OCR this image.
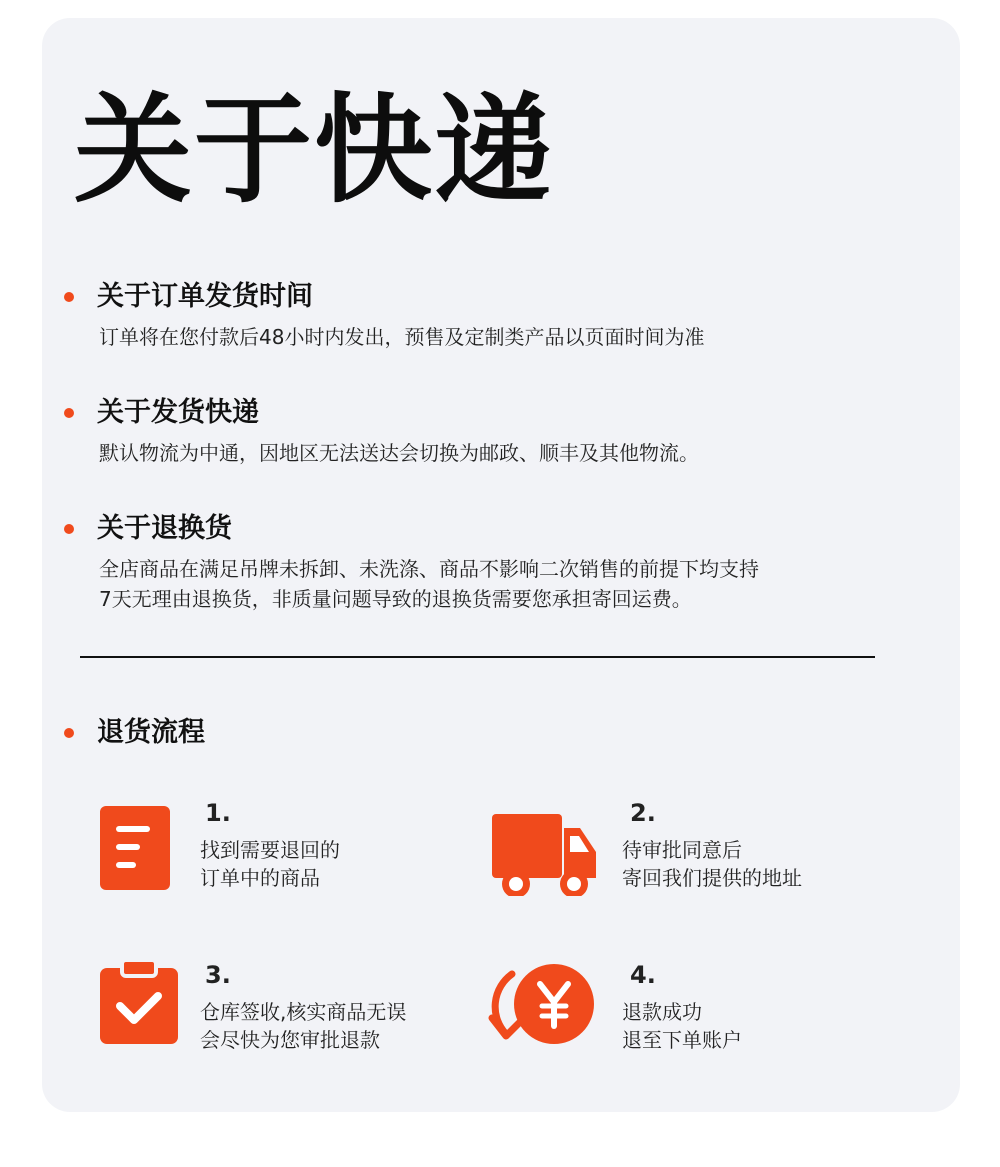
关于快递
关于订单发货时间

订单将在您付款后48小时内发出，预售及定制类产品以页面时间为准

关于发货快递

默认物流为中通，因地区无法送达会切换为邮政、顺丰及其他物流。

关于退换货

全店商品在满足吊牌未拆卸、未洗涤、商品不影响二次销售的前提下均支持
7天无理由退换货，非质量问题导致的退换货需要您承担寄回运费。

退货流程

1.

找到需要退回的
订单中的商品

2.

待审批同意后
寄回我们提供的地址

3.

仓库签收,核实商品无误
会尽快为您审批退款

4.

退款成功
退至下单账户
